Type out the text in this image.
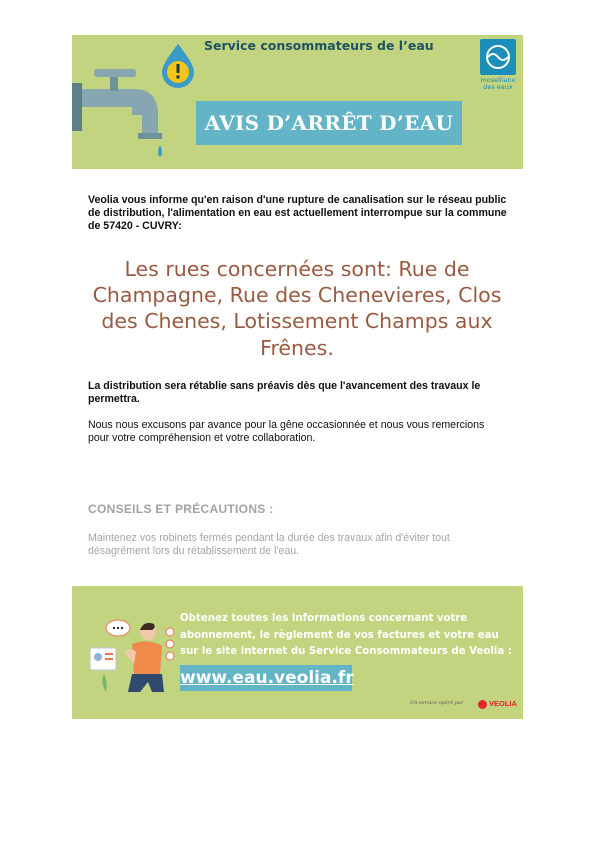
Service consommateurs de l’eau
AVIS D’ARRÊT D’EAU
moselliane
des eaux
Veolia vous informe qu'en raison d'une rupture de canalisation sur le réseau public de distribution, l'alimentation en eau est actuellement interrompue sur la commune de 57420 - CUVRY:
Les rues concernées sont: Rue de Champagne, Rue des Chenevieres, Clos des Chenes, Lotissement Champs aux Frênes.
La distribution sera rétablie sans préavis dès que l'avancement des travaux le permettra.
Nous nous excusons par avance pour la gêne occasionnée et nous vous remercions pour votre compréhension et votre collaboration.
CONSEILS ET PRÉCAUTIONS :
Maintenez vos robinets fermés pendant la durée des travaux afin d'éviter tout désagrément lors du rétablissement de l'eau.
Obtenez toutes les informations concernant votre abonnement, le règlement de vos factures et votre eau sur le site internet du Service Consommateurs de Veolia :
www.eau.veolia.fr
Un service opéré par	VEOLIA
